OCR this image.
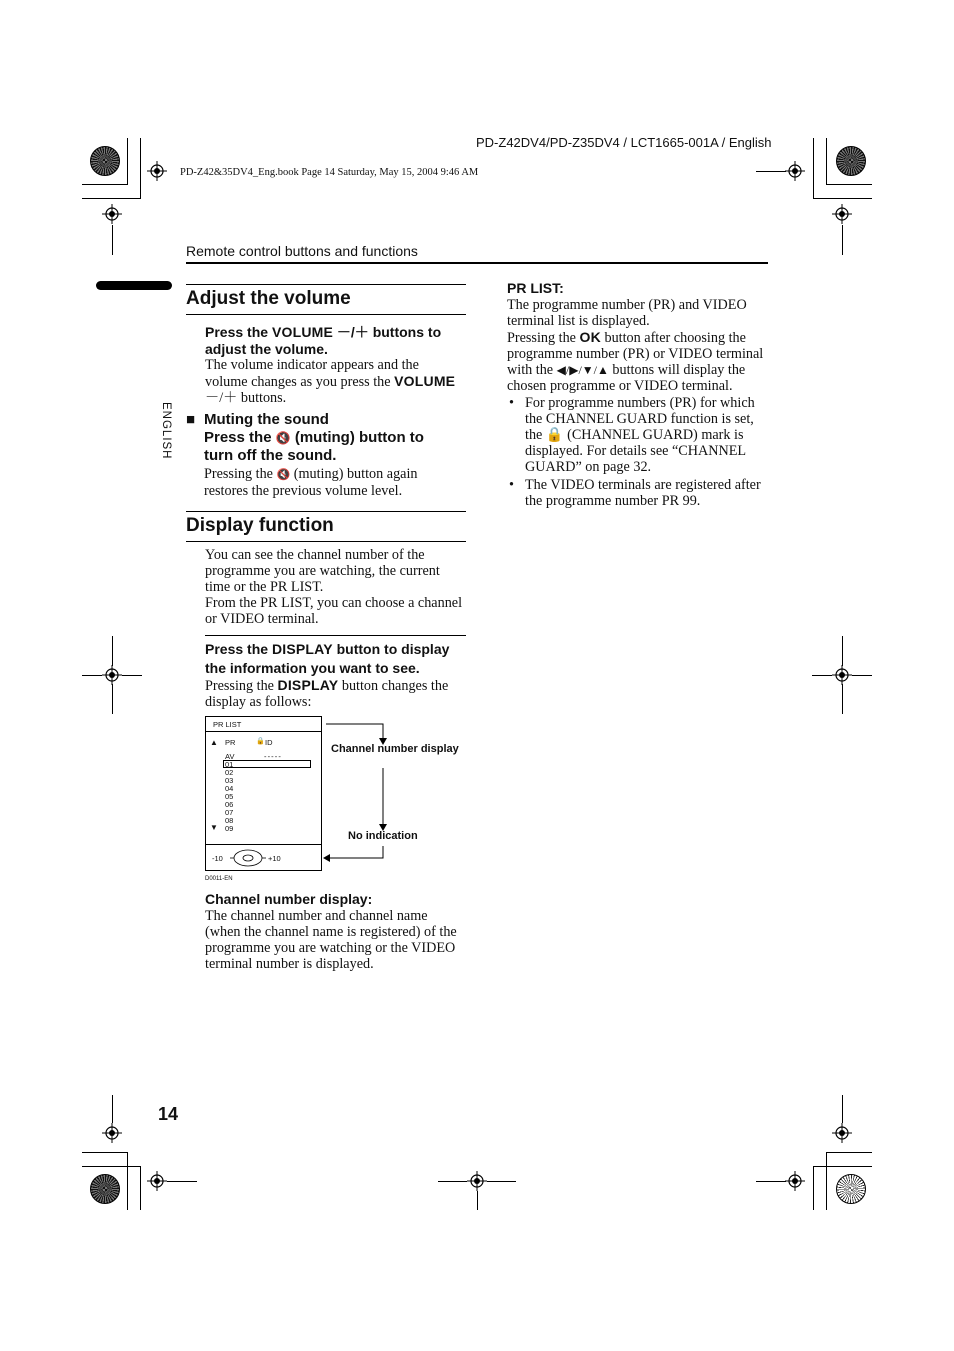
PD-Z42DV4/PD-Z35DV4 / LCT1665-001A / English
PD-Z42&35DV4_Eng.book Page 14 Saturday, May 15, 2004 9:46 AM
Remote control buttons and functions
ENGLISH
Adjust the volume
Press the VOLUME －/＋ buttons to
adjust the volume.
The volume indicator appears and the
volume changes as you press the VOLUME
－/＋ buttons.
■ Muting the sound
Press the 🔇 (muting) button to
turn off the sound.
Pressing the 🔇 (muting) button again
restores the previous volume level.
Display function
You can see the channel number of the
programme you are watching, the current
time or the PR LIST.
From the PR LIST, you can choose a channel
or VIDEO terminal.
Press the DISPLAY button to display
the information you want to see.
Pressing the DISPLAY button changes the
display as follows:
PR LIST
▲ PR	🔒 ID
- - - - -
AV
01
02
03
04
05
06
07
08
09
▼
-10	+10
D0011-EN
Channel number display
No indication
Channel number display:
The channel number and channel name
(when the channel name is registered) of the
programme you are watching or the VIDEO
terminal number is displayed.
PR LIST:
The programme number (PR) and VIDEO
terminal list is displayed.
Pressing the OK button after choosing the
programme number (PR) or VIDEO terminal
with the ◀/▶/▼/▲ buttons will display the
chosen programme or VIDEO terminal.
• For programme numbers (PR) for which the CHANNEL GUARD function is set, the 🔒 (CHANNEL GUARD) mark is displayed. For details see “CHANNEL GUARD” on page 32.
• The VIDEO terminals are registered after the programme number PR 99.
14
